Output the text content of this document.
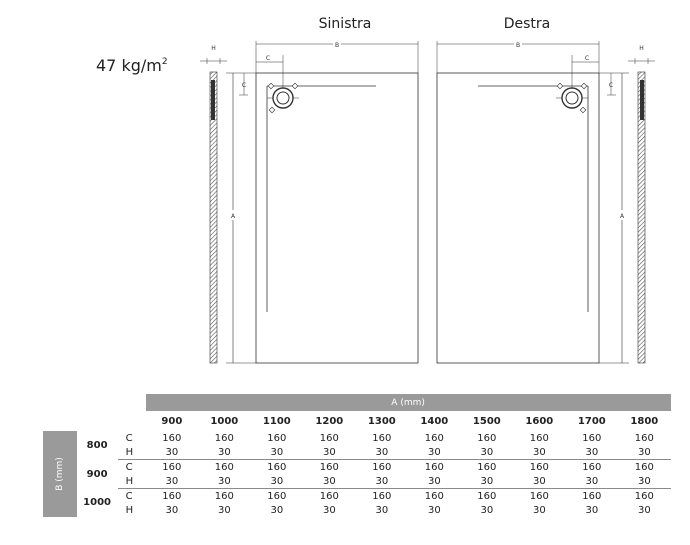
47 $kg/m^2$
Sinistra	Destra
H
A
C
B
C
B
C
A
C
H
			A (mm)									
			900	1000	1100	1200	1300	1400	1500	1600	1700	1800

B (mm)	800	C	160	160	160	160	160	160	160	160	160	160
		H	30	30	30	30	30	30	30	30	30	30
	900	C	160	160	160	160	160	160	160	160	160	160
		H	30	30	30	30	30	30	30	30	30	30
	1000	C	160	160	160	160	160	160	160	160	160	160
		H	30	30	30	30	30	30	30	30	30	30
